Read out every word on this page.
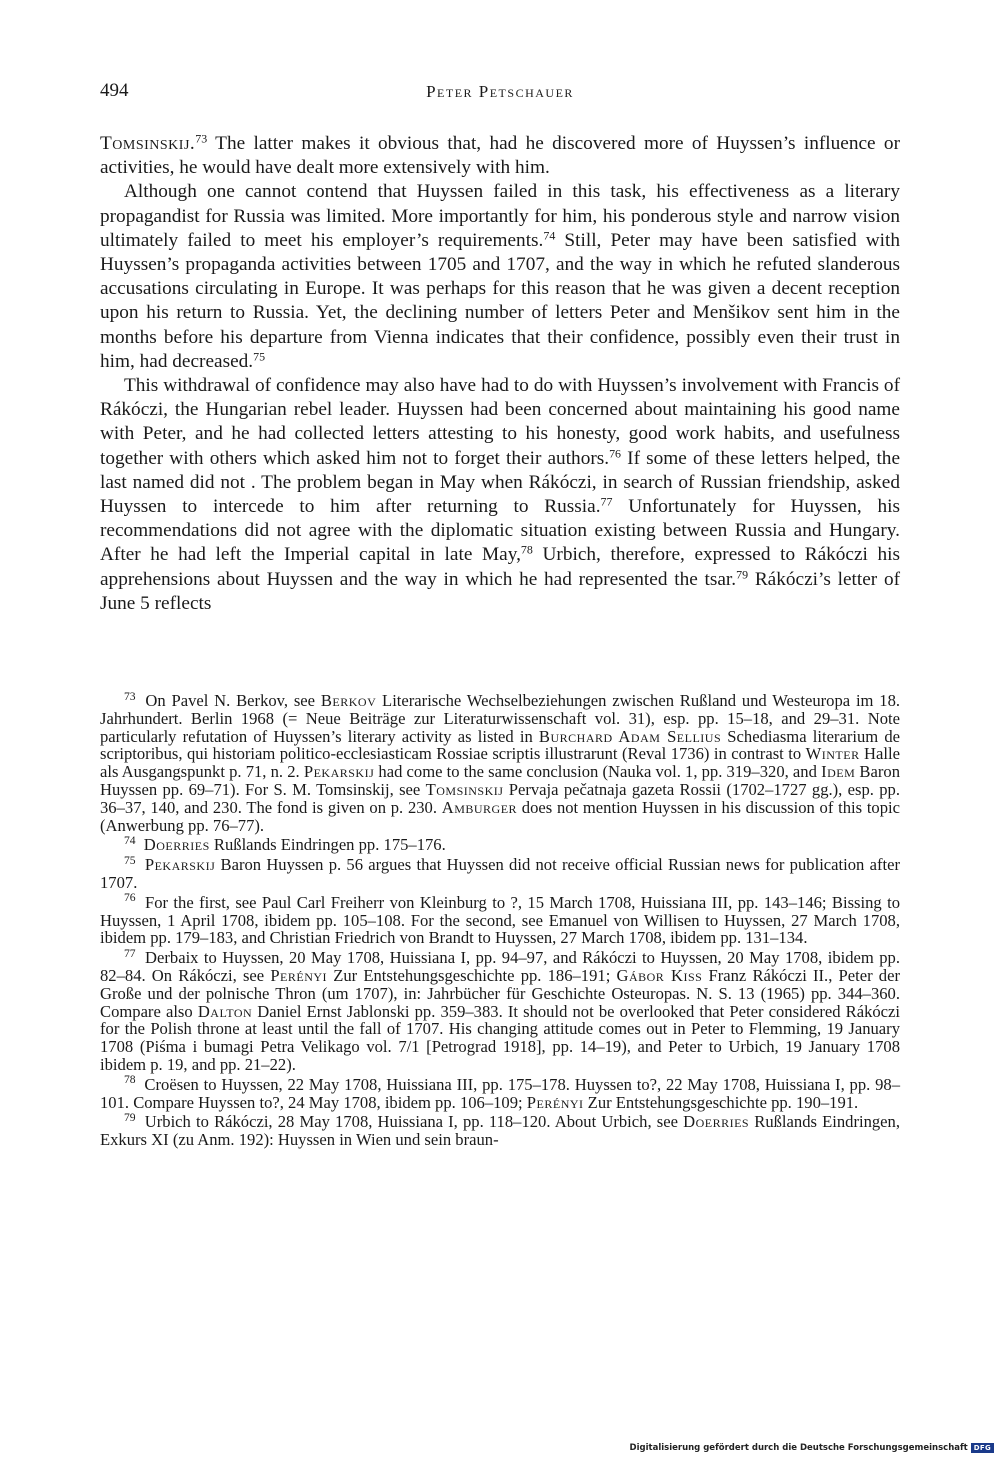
494	Peter Petschauer

Tomsinskij.$^{73}$ The latter makes it obvious that, had he discovered more of Huyssen’s influence or activities, he would have dealt more extensively with him.

Although one cannot contend that Huyssen failed in this task, his effectiveness as a literary propagandist for Russia was limited. More importantly for him, his ponderous style and narrow vision ultimately failed to meet his employer’s requirements.$^{74}$ Still, Peter may have been satisfied with Huyssen’s propaganda activities between 1705 and 1707, and the way in which he refuted slanderous accusations circulating in Europe. It was perhaps for this reason that he was given a decent reception upon his return to Russia. Yet, the declining number of letters Peter and Menšikov sent him in the months before his departure from Vienna indicates that their confidence, possibly even their trust in him, had decreased.$^{75}$

This withdrawal of confidence may also have had to do with Huyssen’s involvement with Francis of Rákóczi, the Hungarian rebel leader. Huyssen had been concerned about maintaining his good name with Peter, and he had collected letters attesting to his honesty, good work habits, and usefulness together with others which asked him not to forget their authors.$^{76}$ If some of these letters helped, the last named did not . The problem began in May when Rákóczi, in search of Russian friendship, asked Huyssen to intercede to him after returning to Russia.$^{77}$ Unfortunately for Huyssen, his recommendations did not agree with the diplomatic situation existing between Russia and Hungary. After he had left the Imperial capital in late May,$^{78}$ Urbich, therefore, expressed to Rákóczi his apprehensions about Huyssen and the way in which he had represented the tsar.$^{79}$ Rákóczi’s letter of June 5 reflects

$^{73}$ On Pavel N. Berkov, see Berkov Literarische Wechselbeziehungen zwischen Rußland und Westeuropa im 18. Jahrhundert. Berlin 1968 (= Neue Beiträge zur Literaturwissenschaft vol. 31), esp. pp. 15–18, and 29–31. Note particularly refutation of Huyssen’s literary activity as listed in Burchard Adam Sellius Schediasma literarium de scriptoribus, qui historiam politico-ecclesiasticam Rossiae scriptis illustrarunt (Reval 1736) in contrast to Winter Halle als Ausgangspunkt p. 71, n. 2. Pekarskij had come to the same conclusion (Nauka vol. 1, pp. 319–320, and Idem Baron Huyssen pp. 69–71). For S. M. Tomsinskij, see Tomsinskij Pervaja pečatnaja gazeta Rossii (1702–1727 gg.), esp. pp. 36–37, 140, and 230. The fond is given on p. 230. Amburger does not mention Huyssen in his discussion of this topic (Anwerbung pp. 76–77).

$^{74}$ Doerries Rußlands Eindringen pp. 175–176.

$^{75}$ Pekarskij Baron Huyssen p. 56 argues that Huyssen did not receive official Russian news for publication after 1707.

$^{76}$ For the first, see Paul Carl Freiherr von Kleinburg to ?, 15 March 1708, Huissiana III, pp. 143–146; Bissing to Huyssen, 1 April 1708, ibidem pp. 105–108. For the second, see Emanuel von Willisen to Huyssen, 27 March 1708, ibidem pp. 179–183, and Christian Friedrich von Brandt to Huyssen, 27 March 1708, ibidem pp. 131–134.

$^{77}$ Derbaix to Huyssen, 20 May 1708, Huissiana I, pp. 94–97, and Rákóczi to Huyssen, 20 May 1708, ibidem pp. 82–84. On Rákóczi, see Perényi Zur Entstehungsgeschichte pp. 186–191; Gábor Kiss Franz Rákóczi II., Peter der Große und der polnische Thron (um 1707), in: Jahrbücher für Geschichte Osteuropas. N. S. 13 (1965) pp. 344–360. Compare also Dalton Daniel Ernst Jablonski pp. 359–383. It should not be overlooked that Peter considered Rákóczi for the Polish throne at least until the fall of 1707. His changing attitude comes out in Peter to Flemming, 19 January 1708 (Piśma i bumagi Petra Velikago vol. 7/1 [Petrograd 1918], pp. 14–19), and Peter to Urbich, 19 January 1708 ibidem p. 19, and pp. 21–22).

$^{78}$ Croësen to Huyssen, 22 May 1708, Huissiana III, pp. 175–178. Huyssen to?, 22 May 1708, Huissiana I, pp. 98–101. Compare Huyssen to?, 24 May 1708, ibidem pp. 106–109; Perényi Zur Entstehungsgeschichte pp. 190–191.

$^{79}$ Urbich to Rákóczi, 28 May 1708, Huissiana I, pp. 118–120. About Urbich, see Doerries Rußlands Eindringen, Exkurs XI (zu Anm. 192): Huyssen in Wien und sein braun-

Digitalisierung gefördert durch die Deutsche Forschungsgemeinschaft DFG
